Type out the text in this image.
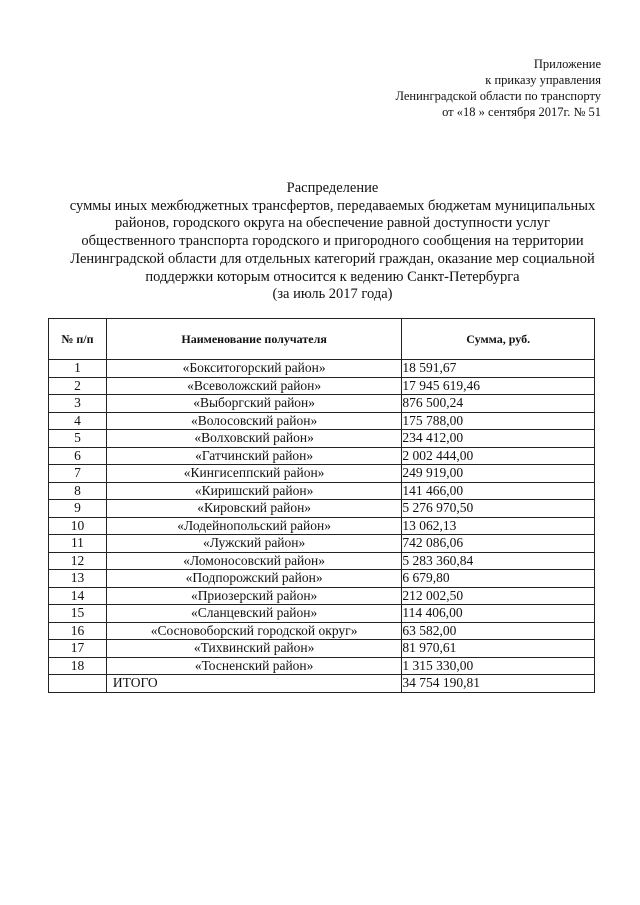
Приложение
к приказу управления
Ленинградской области по транспорту
от «18 » сентября 2017г. № 51
Распределение
суммы иных межбюджетных трансфертов, передаваемых бюджетам муниципальных
районов, городского округа на обеспечение равной доступности услуг
общественного транспорта городского и пригородного сообщения на территории
Ленинградской области для отдельных категорий граждан, оказание мер социальной
поддержки которым относится к ведению Санкт-Петербурга
(за июль 2017 года)
№ п/п	Наименование получателя	Сумма, руб.
1	«Бокситогорский район»	18 591,67
2	«Всеволожский район»	17 945 619,46
3	«Выборгский район»	876 500,24
4	«Волосовский район»	175 788,00
5	«Волховский район»	234 412,00
6	«Гатчинский район»	2 002 444,00
7	«Кингисеппский район»	249 919,00
8	«Киришский район»	141 466,00
9	«Кировский район»	5 276 970,50
10	«Лодейнопольский район»	13 062,13
11	«Лужский район»	742 086,06
12	«Ломоносовский район»	5 283 360,84
13	«Подпорожский район»	6 679,80
14	«Приозерский район»	212 002,50
15	«Сланцевский район»	114 406,00
16	«Сосновоборский городской округ»	63 582,00
17	«Тихвинский район»	81 970,61
18	«Тосненский район»	1 315 330,00
	ИТОГО	34 754 190,81
